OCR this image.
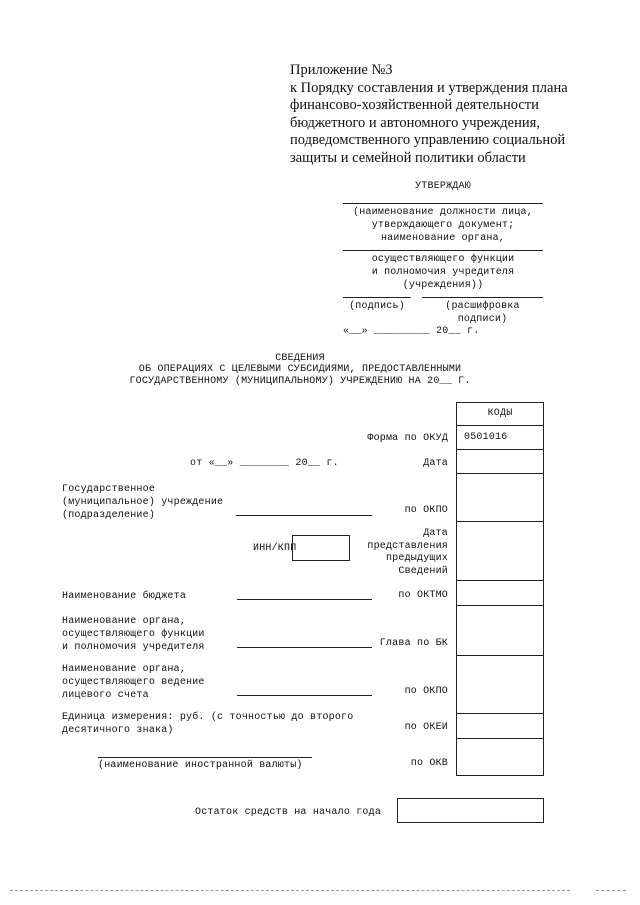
Приложение №3
к Порядку составления и утверждения плана
финансово-хозяйственной деятельности
бюджетного и автономного учреждения,
подведомственного управлению социальной
защиты и семейной политики области
УТВЕРЖДАЮ
(наименование должности лица,
утверждающего документ;
наименование органа,
осуществляющего функции
и полномочия учредителя
(учреждения))
(подпись)	(расшифровка
подписи)
«__» _________ 20__ г.
СВЕДЕНИЯ
ОБ ОПЕРАЦИЯХ С ЦЕЛЕВЫМИ СУБСИДИЯМИ, ПРЕДОСТАВЛЕННЫМИ
ГОСУДАРСТВЕННОМУ (МУНИЦИПАЛЬНОМУ) УЧРЕЖДЕНИЮ НА 20__ Г.
КОДЫ
0501016
Форма по ОКУД
Дата
по ОКПО
Дата
представления
предыдущих
Сведений
по ОКТМО
Глава по БК
по ОКПО
по ОКЕИ
по ОКВ
от «__» ________ 20__ г.
Государственное
(муниципальное) учреждение
(подразделение)
ИНН/КПП
Наименование бюджета
Наименование органа,
осуществляющего функции
и полномочия учредителя
Наименование органа,
осуществляющего ведение
лицевого счета
Единица измерения: руб. (с точностью до второго
десятичного знака)
(наименование иностранной валюты)
Остаток средств на начало года
